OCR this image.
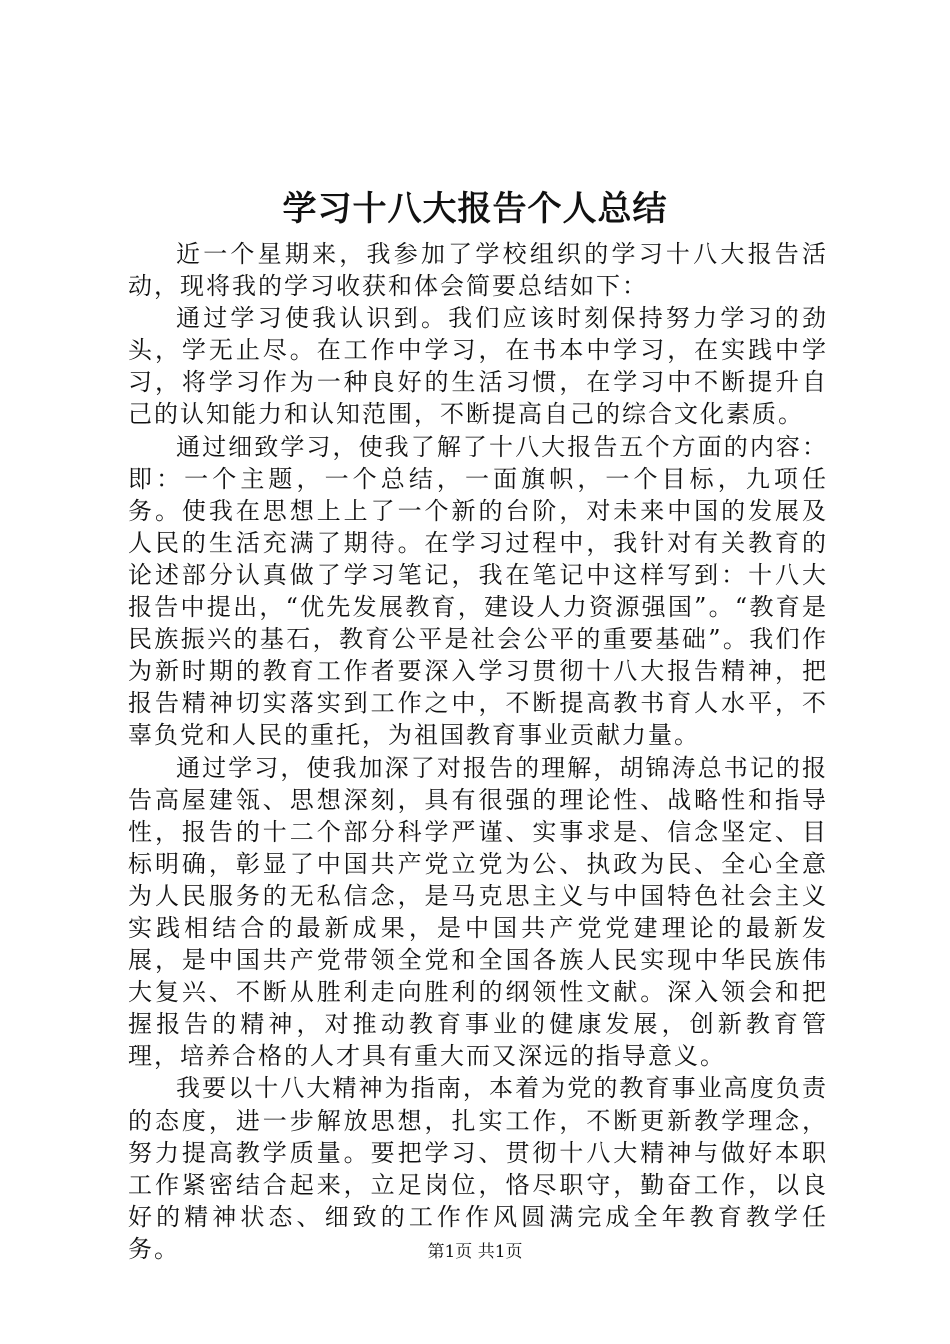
学习十八大报告个人总结

近一个星期来，我参加了学校组织的学习十八大报告活动，现将我的学习收获和体会简要总结如下：

通过学习使我认识到。我们应该时刻保持努力学习的劲头，学无止尽。在工作中学习，在书本中学习，在实践中学习，将学习作为一种良好的生活习惯，在学习中不断提升自己的认知能力和认知范围，不断提高自己的综合文化素质。

通过细致学习，使我了解了十八大报告五个方面的内容：即：一个主题，一个总结，一面旗帜，一个目标，九项任务。使我在思想上上了一个新的台阶，对未来中国的发展及人民的生活充满了期待。在学习过程中，我针对有关教育的论述部分认真做了学习笔记，我在笔记中这样写到：十八大报告中提出，“优先发展教育，建设人力资源强国”。“教育是民族振兴的基石，教育公平是社会公平的重要基础”。我们作为新时期的教育工作者要深入学习贯彻十八大报告精神，把报告精神切实落实到工作之中，不断提高教书育人水平，不辜负党和人民的重托，为祖国教育事业贡献力量。

通过学习，使我加深了对报告的理解，胡锦涛总书记的报告高屋建瓴、思想深刻，具有很强的理论性、战略性和指导性，报告的十二个部分科学严谨、实事求是、信念坚定、目标明确，彰显了中国共产党立党为公、执政为民、全心全意为人民服务的无私信念，是马克思主义与中国特色社会主义实践相结合的最新成果，是中国共产党党建理论的最新发展，是中国共产党带领全党和全国各族人民实现中华民族伟大复兴、不断从胜利走向胜利的纲领性文献。深入领会和把握报告的精神，对推动教育事业的健康发展，创新教育管理，培养合格的人才具有重大而又深远的指导意义。

我要以十八大精神为指南，本着为党的教育事业高度负责的态度，进一步解放思想，扎实工作，不断更新教学理念，努力提高教学质量。要把学习、贯彻十八大精神与做好本职工作紧密结合起来，立足岗位，恪尽职守，勤奋工作，以良好的精神状态、细致的工作作风圆满完成全年教育教学任务。	第1页 共1页
